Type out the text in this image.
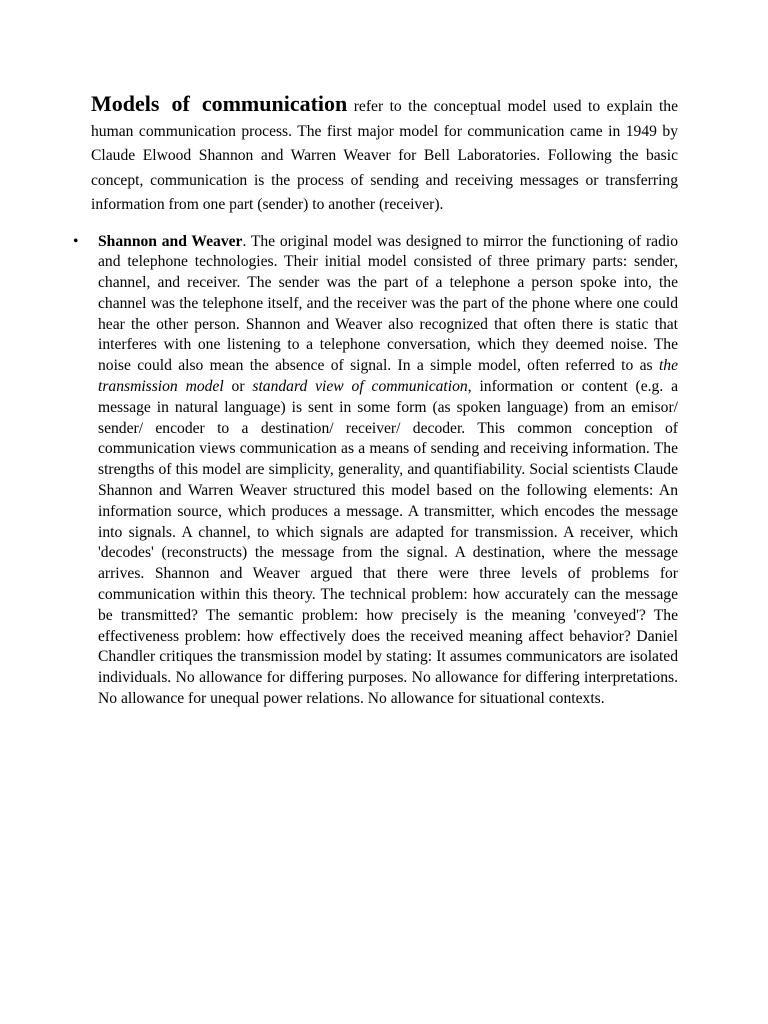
Models of communication refer to the conceptual model used to explain the human communication process. The first major model for communication came in 1949 by Claude Elwood Shannon and Warren Weaver for Bell Laboratories. Following the basic concept, communication is the process of sending and receiving messages or transferring information from one part (sender) to another (receiver).

• Shannon and Weaver. The original model was designed to mirror the functioning of radio and telephone technologies. Their initial model consisted of three primary parts: sender, channel, and receiver. The sender was the part of a telephone a person spoke into, the channel was the telephone itself, and the receiver was the part of the phone where one could hear the other person. Shannon and Weaver also recognized that often there is static that interferes with one listening to a telephone conversation, which they deemed noise. The noise could also mean the absence of signal. In a simple model, often referred to as the transmission model or standard view of communication, information or content (e.g. a message in natural language) is sent in some form (as spoken language) from an emisor/ sender/ encoder to a destination/ receiver/ decoder. This common conception of communication views communication as a means of sending and receiving information. The strengths of this model are simplicity, generality, and quantifiability. Social scientists Claude Shannon and Warren Weaver structured this model based on the following elements: An information source, which produces a message. A transmitter, which encodes the message into signals. A channel, to which signals are adapted for transmission. A receiver, which 'decodes' (reconstructs) the message from the signal. A destination, where the message arrives. Shannon and Weaver argued that there were three levels of problems for communication within this theory. The technical problem: how accurately can the message be transmitted? The semantic problem: how precisely is the meaning 'conveyed'? The effectiveness problem: how effectively does the received meaning affect behavior? Daniel Chandler critiques the transmission model by stating: It assumes communicators are isolated individuals. No allowance for differing purposes. No allowance for differing interpretations. No allowance for unequal power relations. No allowance for situational contexts.
